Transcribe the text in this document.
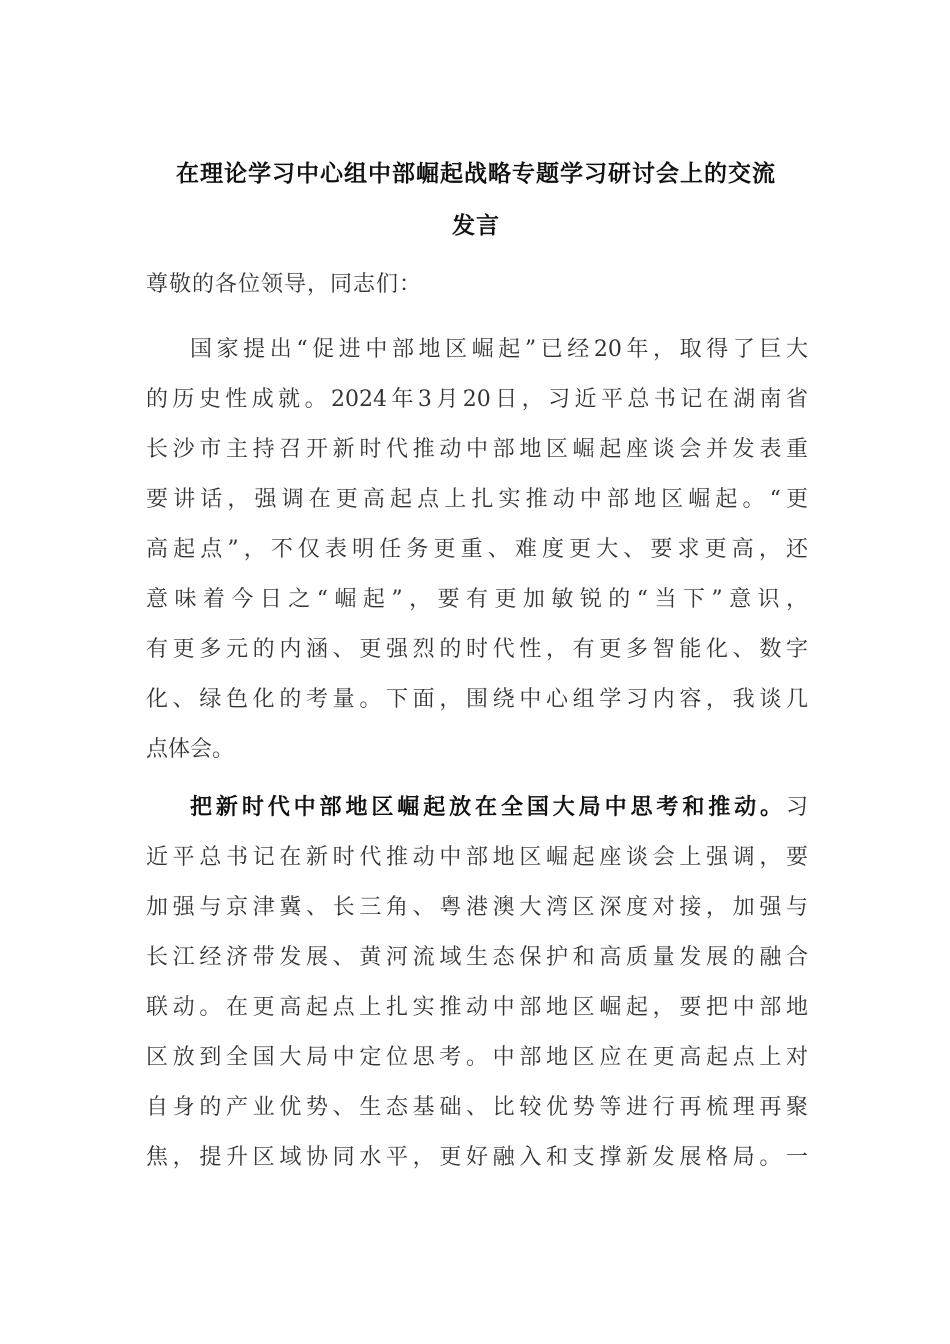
在理论学习中心组中部崛起战略专题学习研讨会上的交流
发言
尊敬的各位领导，同志们：
国家提出“促进中部地区崛起”已经20年，取得了巨大
的历史性成就。2024年3月20日，习近平总书记在湖南省
长沙市主持召开新时代推动中部地区崛起座谈会并发表重
要讲话，强调在更高起点上扎实推动中部地区崛起。“更
高起点”，不仅表明任务更重、难度更大、要求更高，还
意味着今日之“崛起”，要有更加敏锐的“当下”意识，
有更多元的内涵、更强烈的时代性，有更多智能化、数字
化、绿色化的考量。下面，围绕中心组学习内容，我谈几
点体会。
把新时代中部地区崛起放在全国大局中思考和推动。习
近平总书记在新时代推动中部地区崛起座谈会上强调，要
加强与京津冀、长三角、粤港澳大湾区深度对接，加强与
长江经济带发展、黄河流域生态保护和高质量发展的融合
联动。在更高起点上扎实推动中部地区崛起，要把中部地
区放到全国大局中定位思考。中部地区应在更高起点上对
自身的产业优势、生态基础、比较优势等进行再梳理再聚
焦，提升区域协同水平，更好融入和支撑新发展格局。一
